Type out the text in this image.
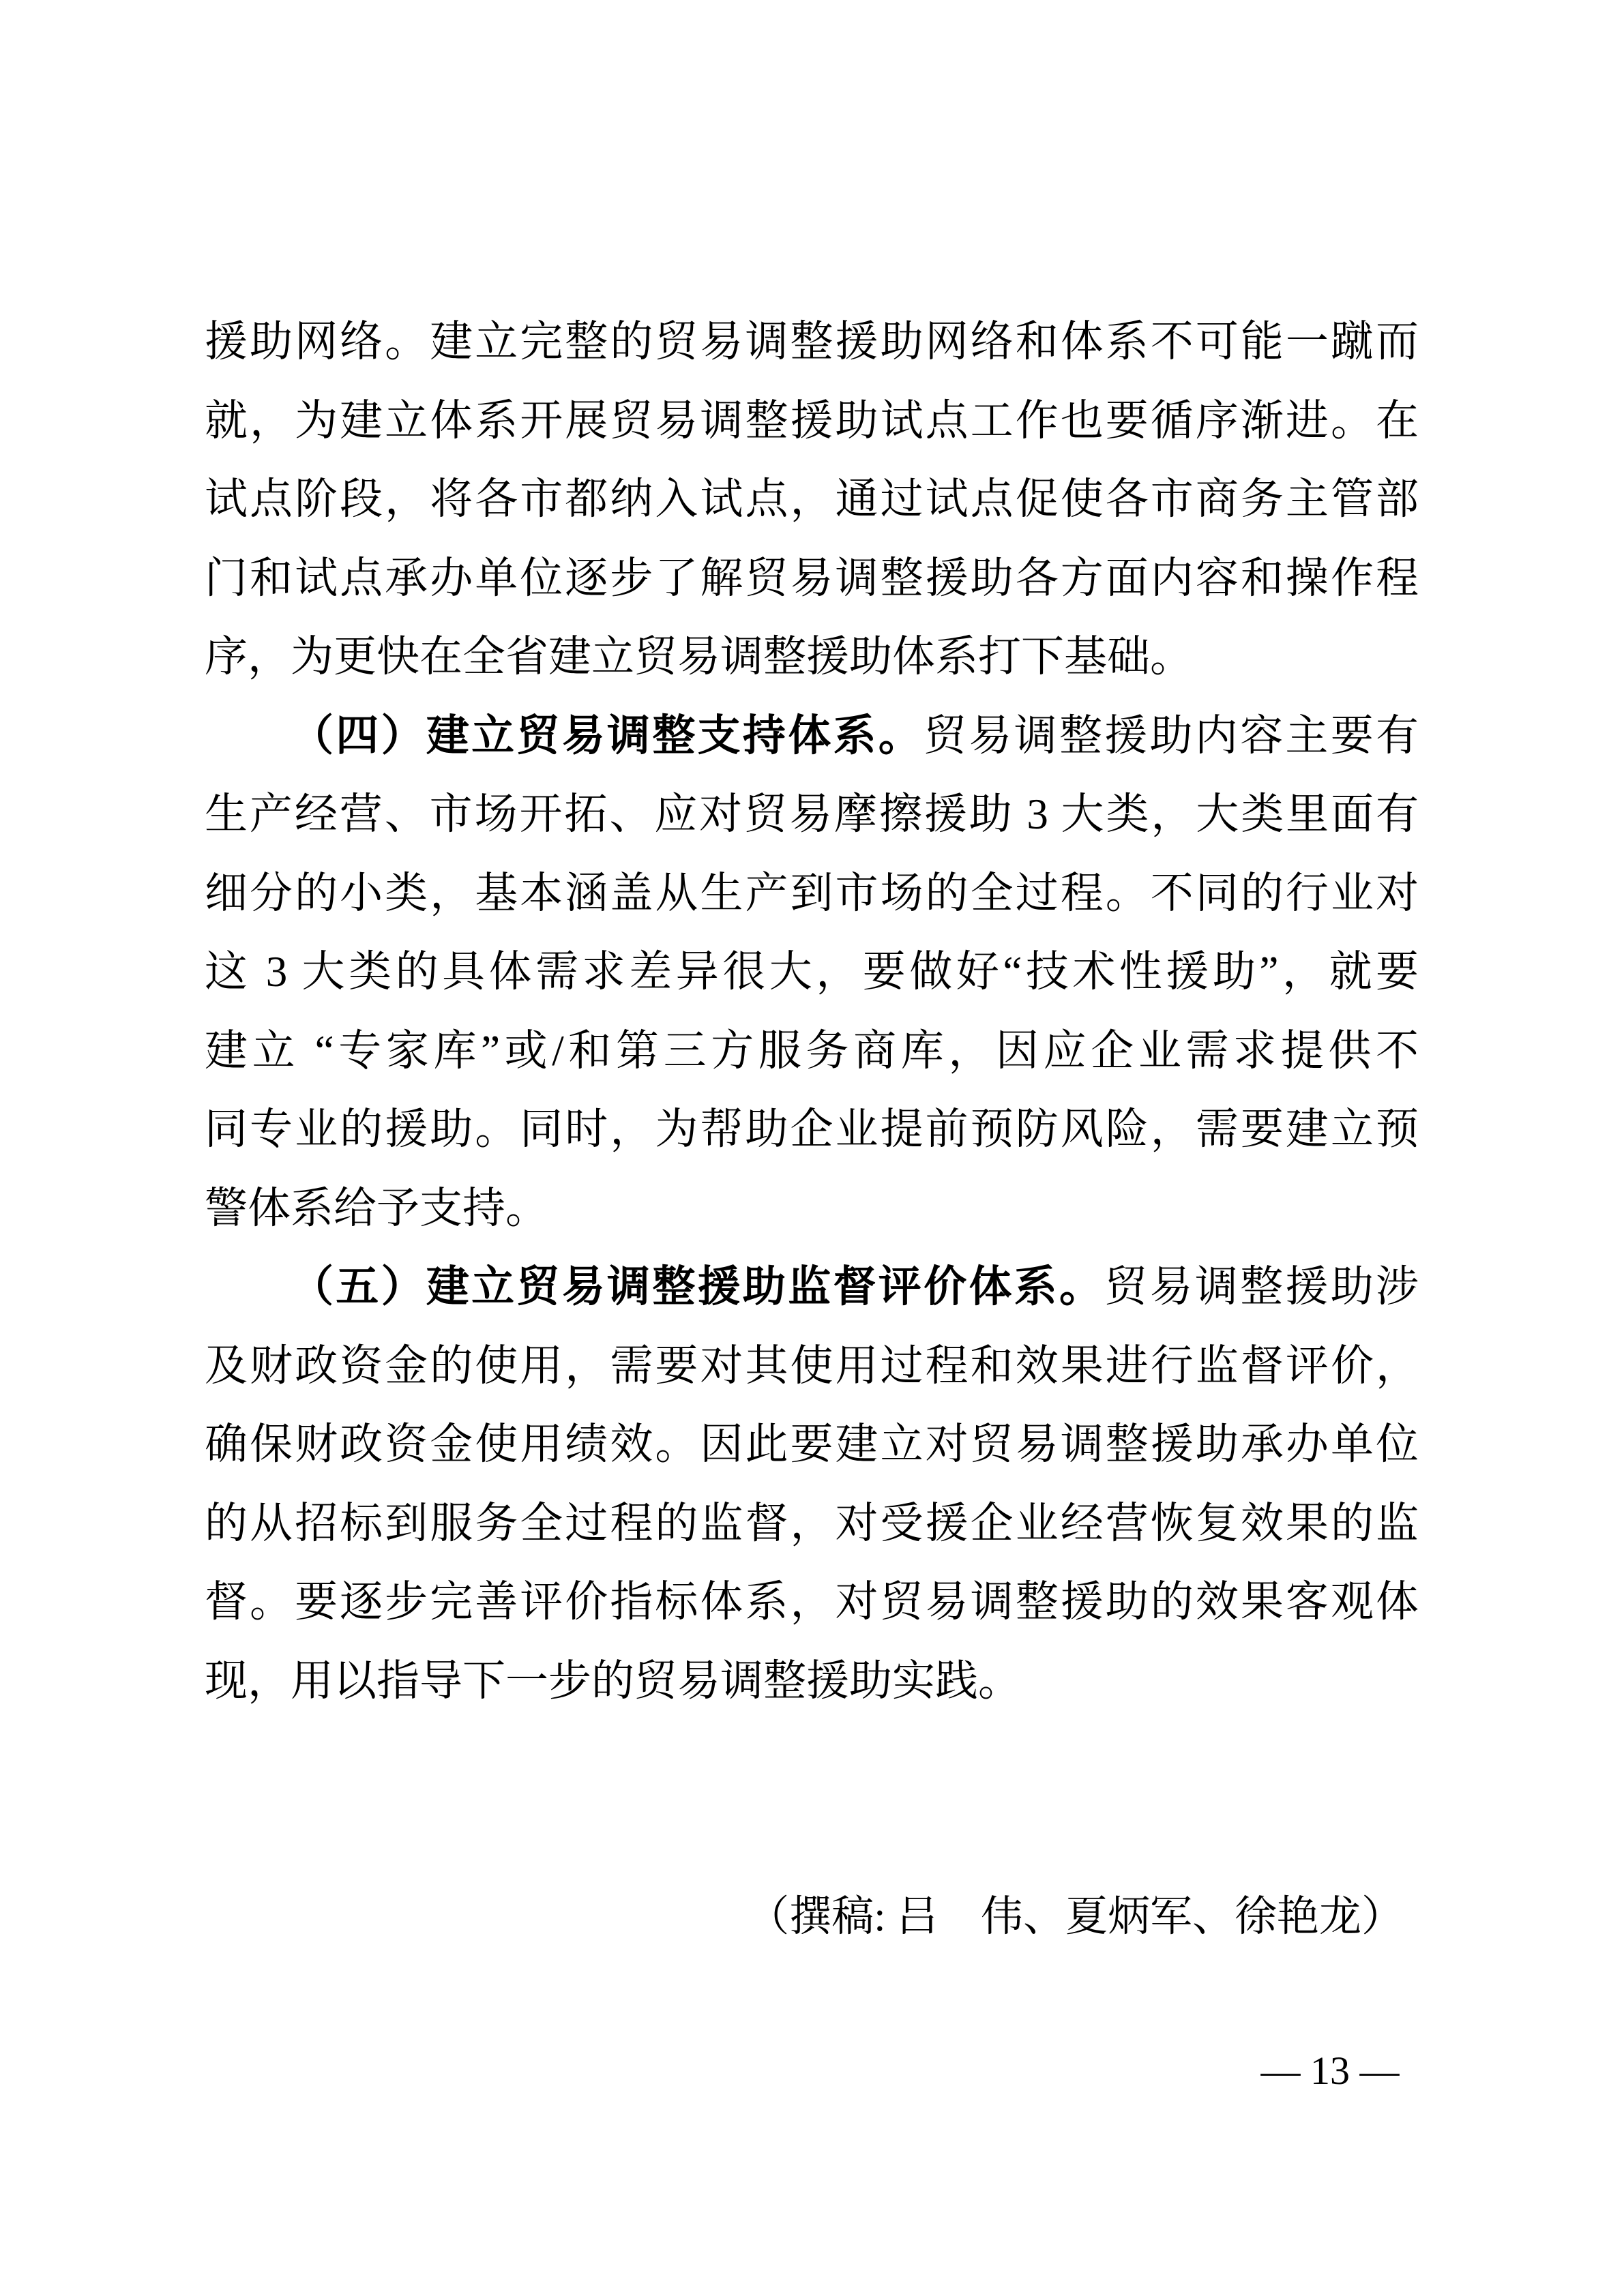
援助网络。建立完整的贸易调整援助网络和体系不可能一蹴而
就，为建立体系开展贸易调整援助试点工作也要循序渐进。在
试点阶段，将各市都纳入试点，通过试点促使各市商务主管部
门和试点承办单位逐步了解贸易调整援助各方面内容和操作程
序，为更快在全省建立贸易调整援助体系打下基础。
（四）建立贸易调整支持体系。贸易调整援助内容主要有
生产经营、市场开拓、应对贸易摩擦援助 3 大类，大类里面有
细分的小类，基本涵盖从生产到市场的全过程。不同的行业对
这 3 大类的具体需求差异很大，要做好“技术性援助”，就要
建立 “专家库”或/和第三方服务商库，因应企业需求提供不
同专业的援助。同时，为帮助企业提前预防风险，需要建立预
警体系给予支持。
（五）建立贸易调整援助监督评价体系。贸易调整援助涉
及财政资金的使用，需要对其使用过程和效果进行监督评价，
确保财政资金使用绩效。因此要建立对贸易调整援助承办单位
的从招标到服务全过程的监督，对受援企业经营恢复效果的监
督。要逐步完善评价指标体系，对贸易调整援助的效果客观体
现，用以指导下一步的贸易调整援助实践。
（撰稿: 吕　伟、夏炳军、徐艳龙）
— 13 —
